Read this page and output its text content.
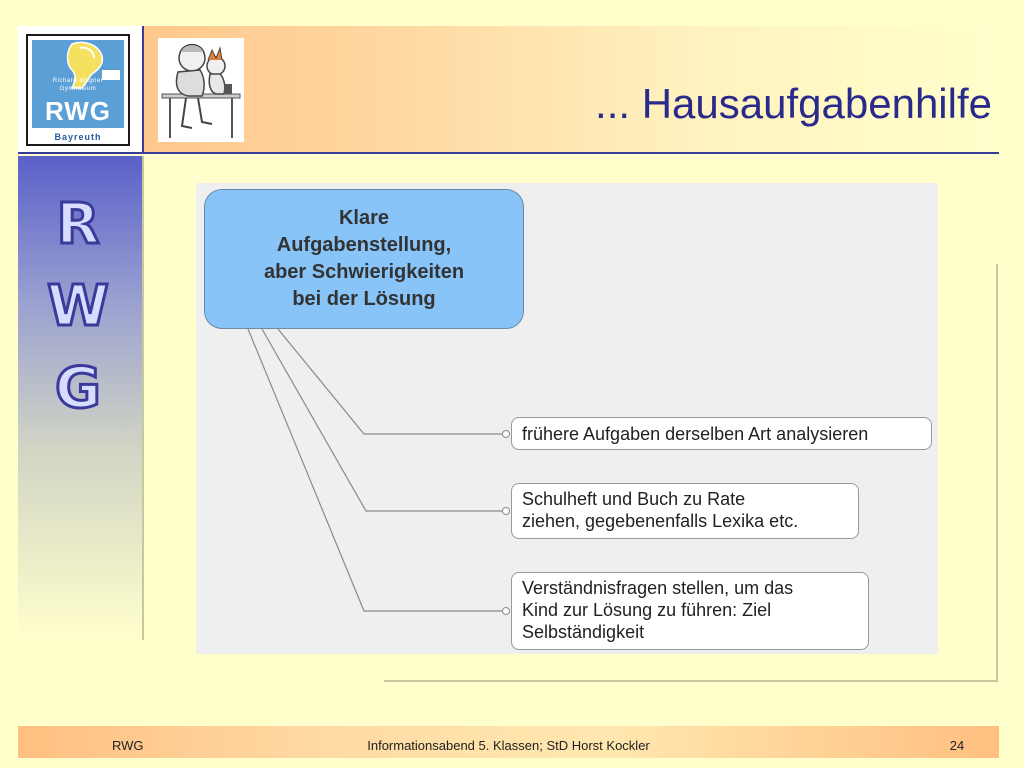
Richard-Wagner
Gymnasium
RWG
Bayreuth
... Hausaufgabenhilfe
R
W
G
Klare
Aufgabenstellung,
aber Schwierigkeiten
bei der Lösung
frühere Aufgaben derselben Art analysieren
Schulheft und Buch zu Rate
ziehen, gegebenenfalls Lexika etc.
Verständnisfragen stellen, um das
Kind zur Lösung zu führen: Ziel
Selbständigkeit
RWG	Informationsabend 5. Klassen; StD Horst Kockler	24
